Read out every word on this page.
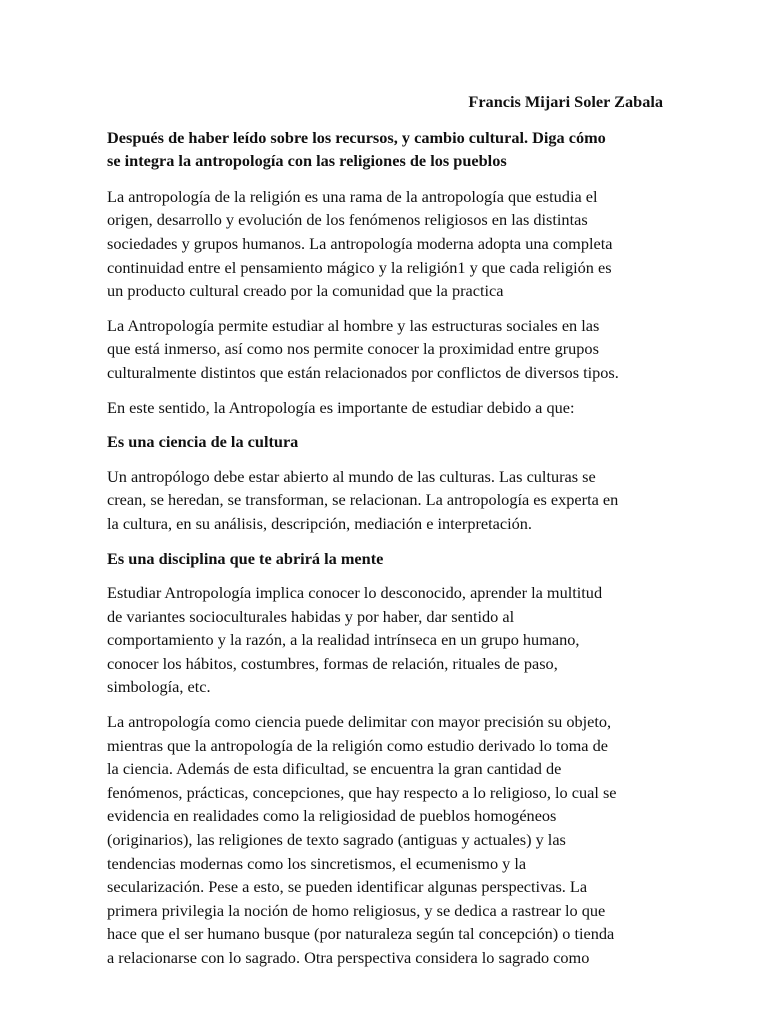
Francis Mijari Soler Zabala
Después de haber leído sobre los recursos, y cambio cultural. Diga cómo
se integra la antropología con las religiones de los pueblos
La antropología de la religión es una rama de la antropología que estudia el
origen, desarrollo y evolución de los fenómenos religiosos en las distintas
sociedades y grupos humanos. La antropología moderna adopta una completa
continuidad entre el pensamiento mágico y la religión1 y que cada religión es
un producto cultural creado por la comunidad que la practica
La Antropología permite estudiar al hombre y las estructuras sociales en las
que está inmerso, así como nos permite conocer la proximidad entre grupos
culturalmente distintos que están relacionados por conflictos de diversos tipos.
En este sentido, la Antropología es importante de estudiar debido a que:
Es una ciencia de la cultura
Un antropólogo debe estar abierto al mundo de las culturas. Las culturas se
crean, se heredan, se transforman, se relacionan. La antropología es experta en
la cultura, en su análisis, descripción, mediación e interpretación.
Es una disciplina que te abrirá la mente
Estudiar Antropología implica conocer lo desconocido, aprender la multitud
de variantes socioculturales habidas y por haber, dar sentido al
comportamiento y la razón, a la realidad intrínseca en un grupo humano,
conocer los hábitos, costumbres, formas de relación, rituales de paso,
simbología, etc.
La antropología como ciencia puede delimitar con mayor precisión su objeto,
mientras que la antropología de la religión como estudio derivado lo toma de
la ciencia. Además de esta dificultad, se encuentra la gran cantidad de
fenómenos, prácticas, concepciones, que hay respecto a lo religioso, lo cual se
evidencia en realidades como la religiosidad de pueblos homogéneos
(originarios), las religiones de texto sagrado (antiguas y actuales) y las
tendencias modernas como los sincretismos, el ecumenismo y la
secularización. Pese a esto, se pueden identificar algunas perspectivas. La
primera privilegia la noción de homo religiosus, y se dedica a rastrear lo que
hace que el ser humano busque (por naturaleza según tal concepción) o tienda
a relacionarse con lo sagrado. Otra perspectiva considera lo sagrado como
